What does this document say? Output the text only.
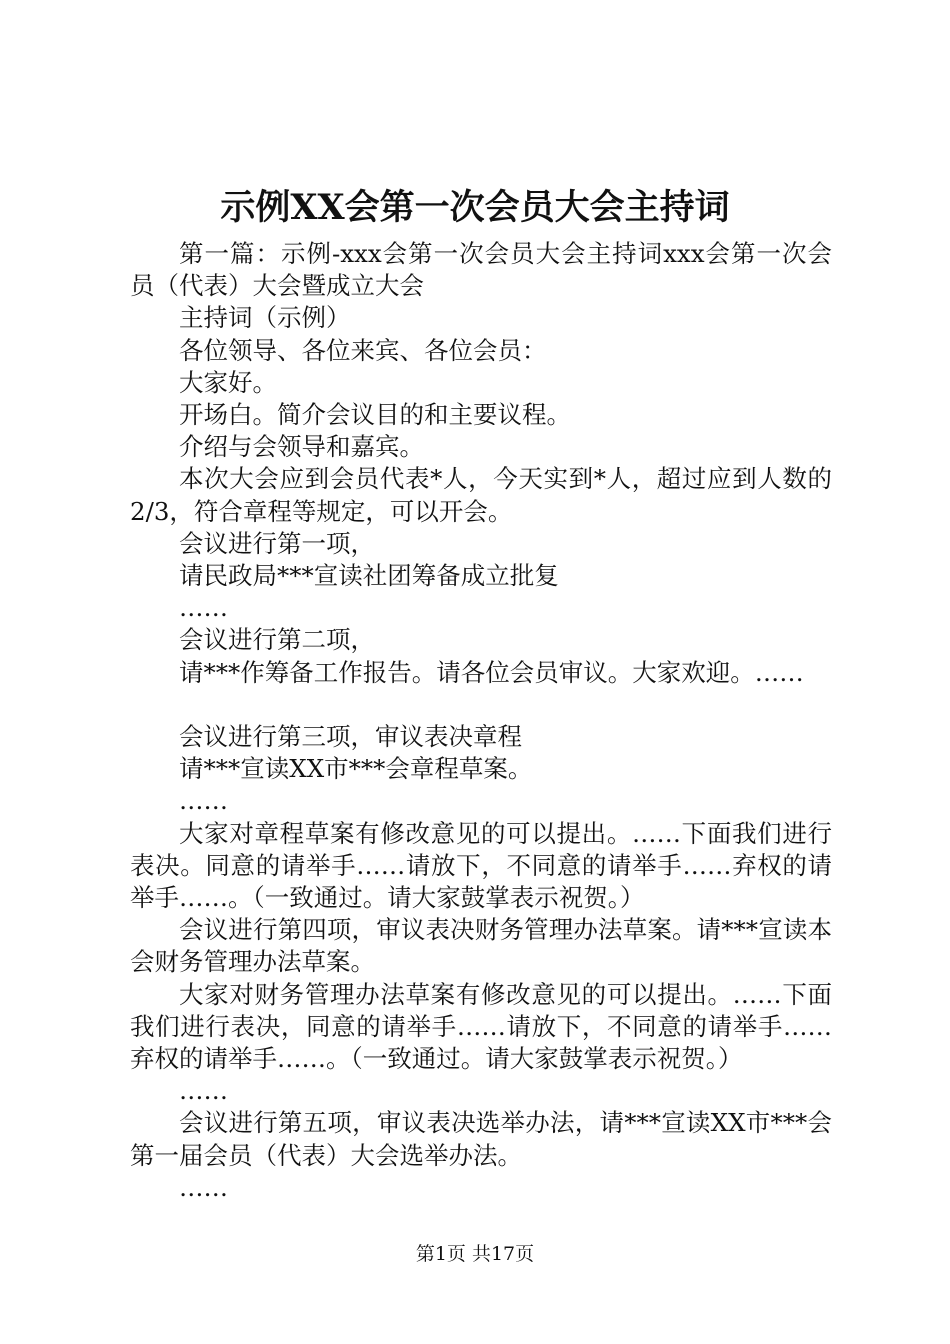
示例XX会第一次会员大会主持词

第一篇：示例-xxx会第一次会员大会主持词xxx会第一次会员（代表）大会暨成立大会

主持词（示例）

各位领导、各位来宾、各位会员：

大家好。

开场白。简介会议目的和主要议程。

介绍与会领导和嘉宾。

本次大会应到会员代表*人，今天实到*人，超过应到人数的2/3，符合章程等规定，可以开会。

会议进行第一项，

请民政局***宣读社团筹备成立批复

……

会议进行第二项，

请***作筹备工作报告。请各位会员审议。大家欢迎。……

会议进行第三项，审议表决章程

请***宣读XX市***会章程草案。

……

大家对章程草案有修改意见的可以提出。……下面我们进行表决。同意的请举手……请放下，不同意的请举手……弃权的请举手……。（一致通过。请大家鼓掌表示祝贺。）

会议进行第四项，审议表决财务管理办法草案。请***宣读本会财务管理办法草案。

大家对财务管理办法草案有修改意见的可以提出。……下面我们进行表决，同意的请举手……请放下，不同意的请举手……弃权的请举手……。（一致通过。请大家鼓掌表示祝贺。）

……

会议进行第五项，审议表决选举办法，请***宣读XX市***会第一届会员（代表）大会选举办法。

……

第1页 共17页
